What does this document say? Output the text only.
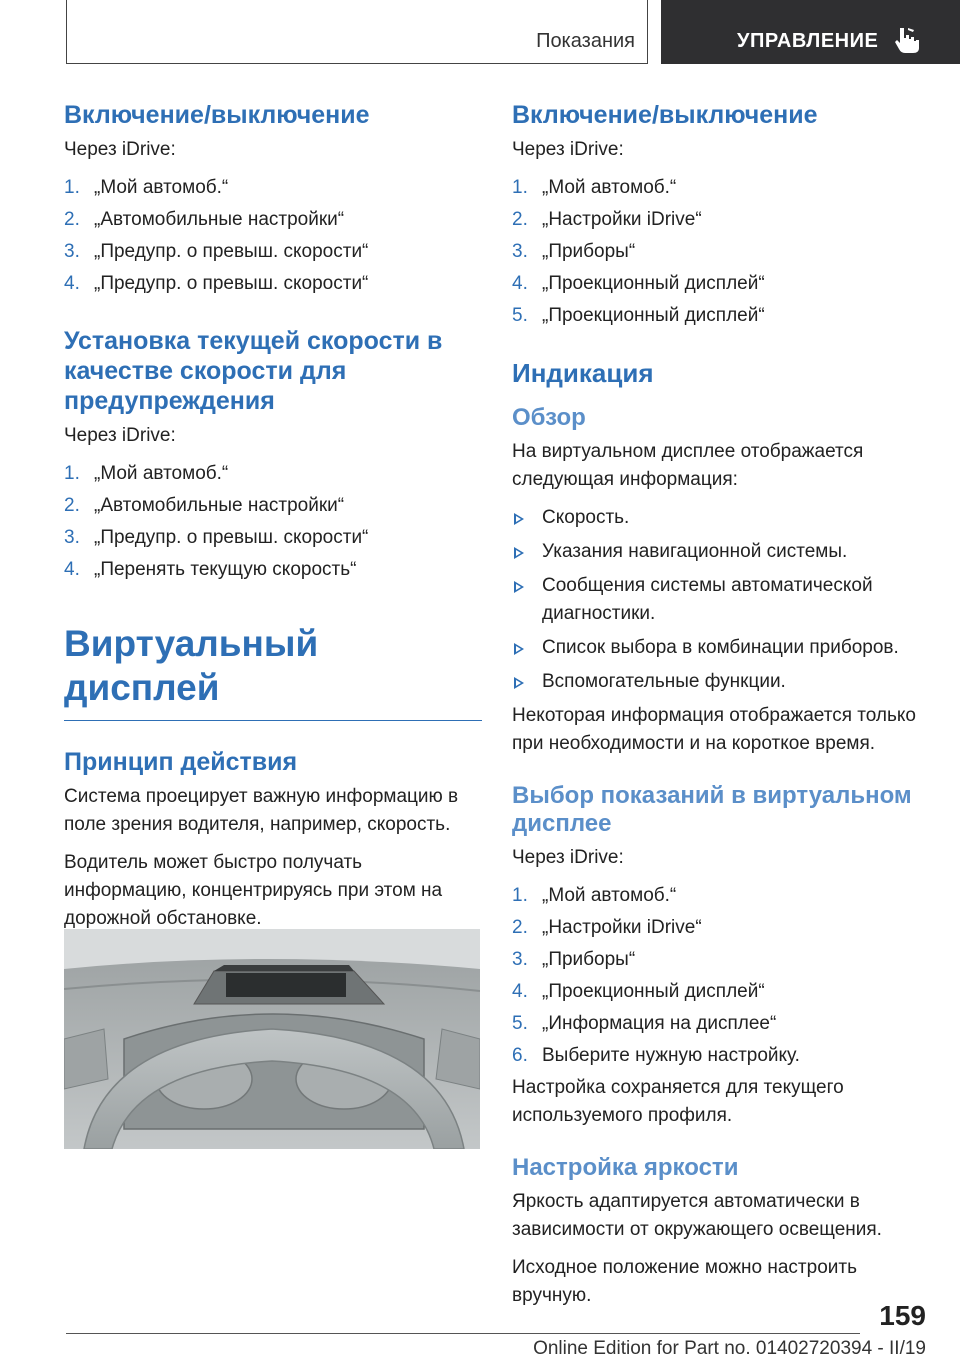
Показания	УПРАВЛЕНИЕ
Включение/выключение

Через iDrive:

1. „Мой автомоб.“
2. „Автомобильные настройки“
3. „Предупр. о превыш. скорости“
4. „Предупр. о превыш. скорости“
Установка текущей скорости в качестве скорости для предупреждения

Через iDrive:

1. „Мой автомоб.“
2. „Автомобильные настройки“
3. „Предупр. о превыш. скорости“
4. „Перенять текущую скорость“
Виртуальный дисплей
Принцип действия

Система проецирует важную информацию в поле зрения водителя, например, скорость.

Водитель может быстро получать информацию, концентрируясь при этом на дорожной обстановке.

Включение/выключение

Через iDrive:

1. „Мой автомоб.“
2. „Настройки iDrive“
3. „Приборы“
4. „Проекционный дисплей“
5. „Проекционный дисплей“
Индикация
Обзор

На виртуальном дисплее отображается следующая информация:

Скорость.
Указания навигационной системы.
Сообщения системы автоматической диагностики.
Список выбора в комбинации приборов.
Вспомогательные функции.

Некоторая информация отображается только при необходимости и на короткое время.

Выбор показаний в виртуальном дисплее

Через iDrive:

1. „Мой автомоб.“
2. „Настройки iDrive“
3. „Приборы“
4. „Проекционный дисплей“
5. „Информация на дисплее“
6. Выберите нужную настройку.

Настройка сохраняется для текущего используемого профиля.

Настройка яркости

Яркость адаптируется автоматически в зависимости от окружающего освещения.

Исходное положение можно настроить вручную.

159
Online Edition for Part no. 01402720394 - II/19
